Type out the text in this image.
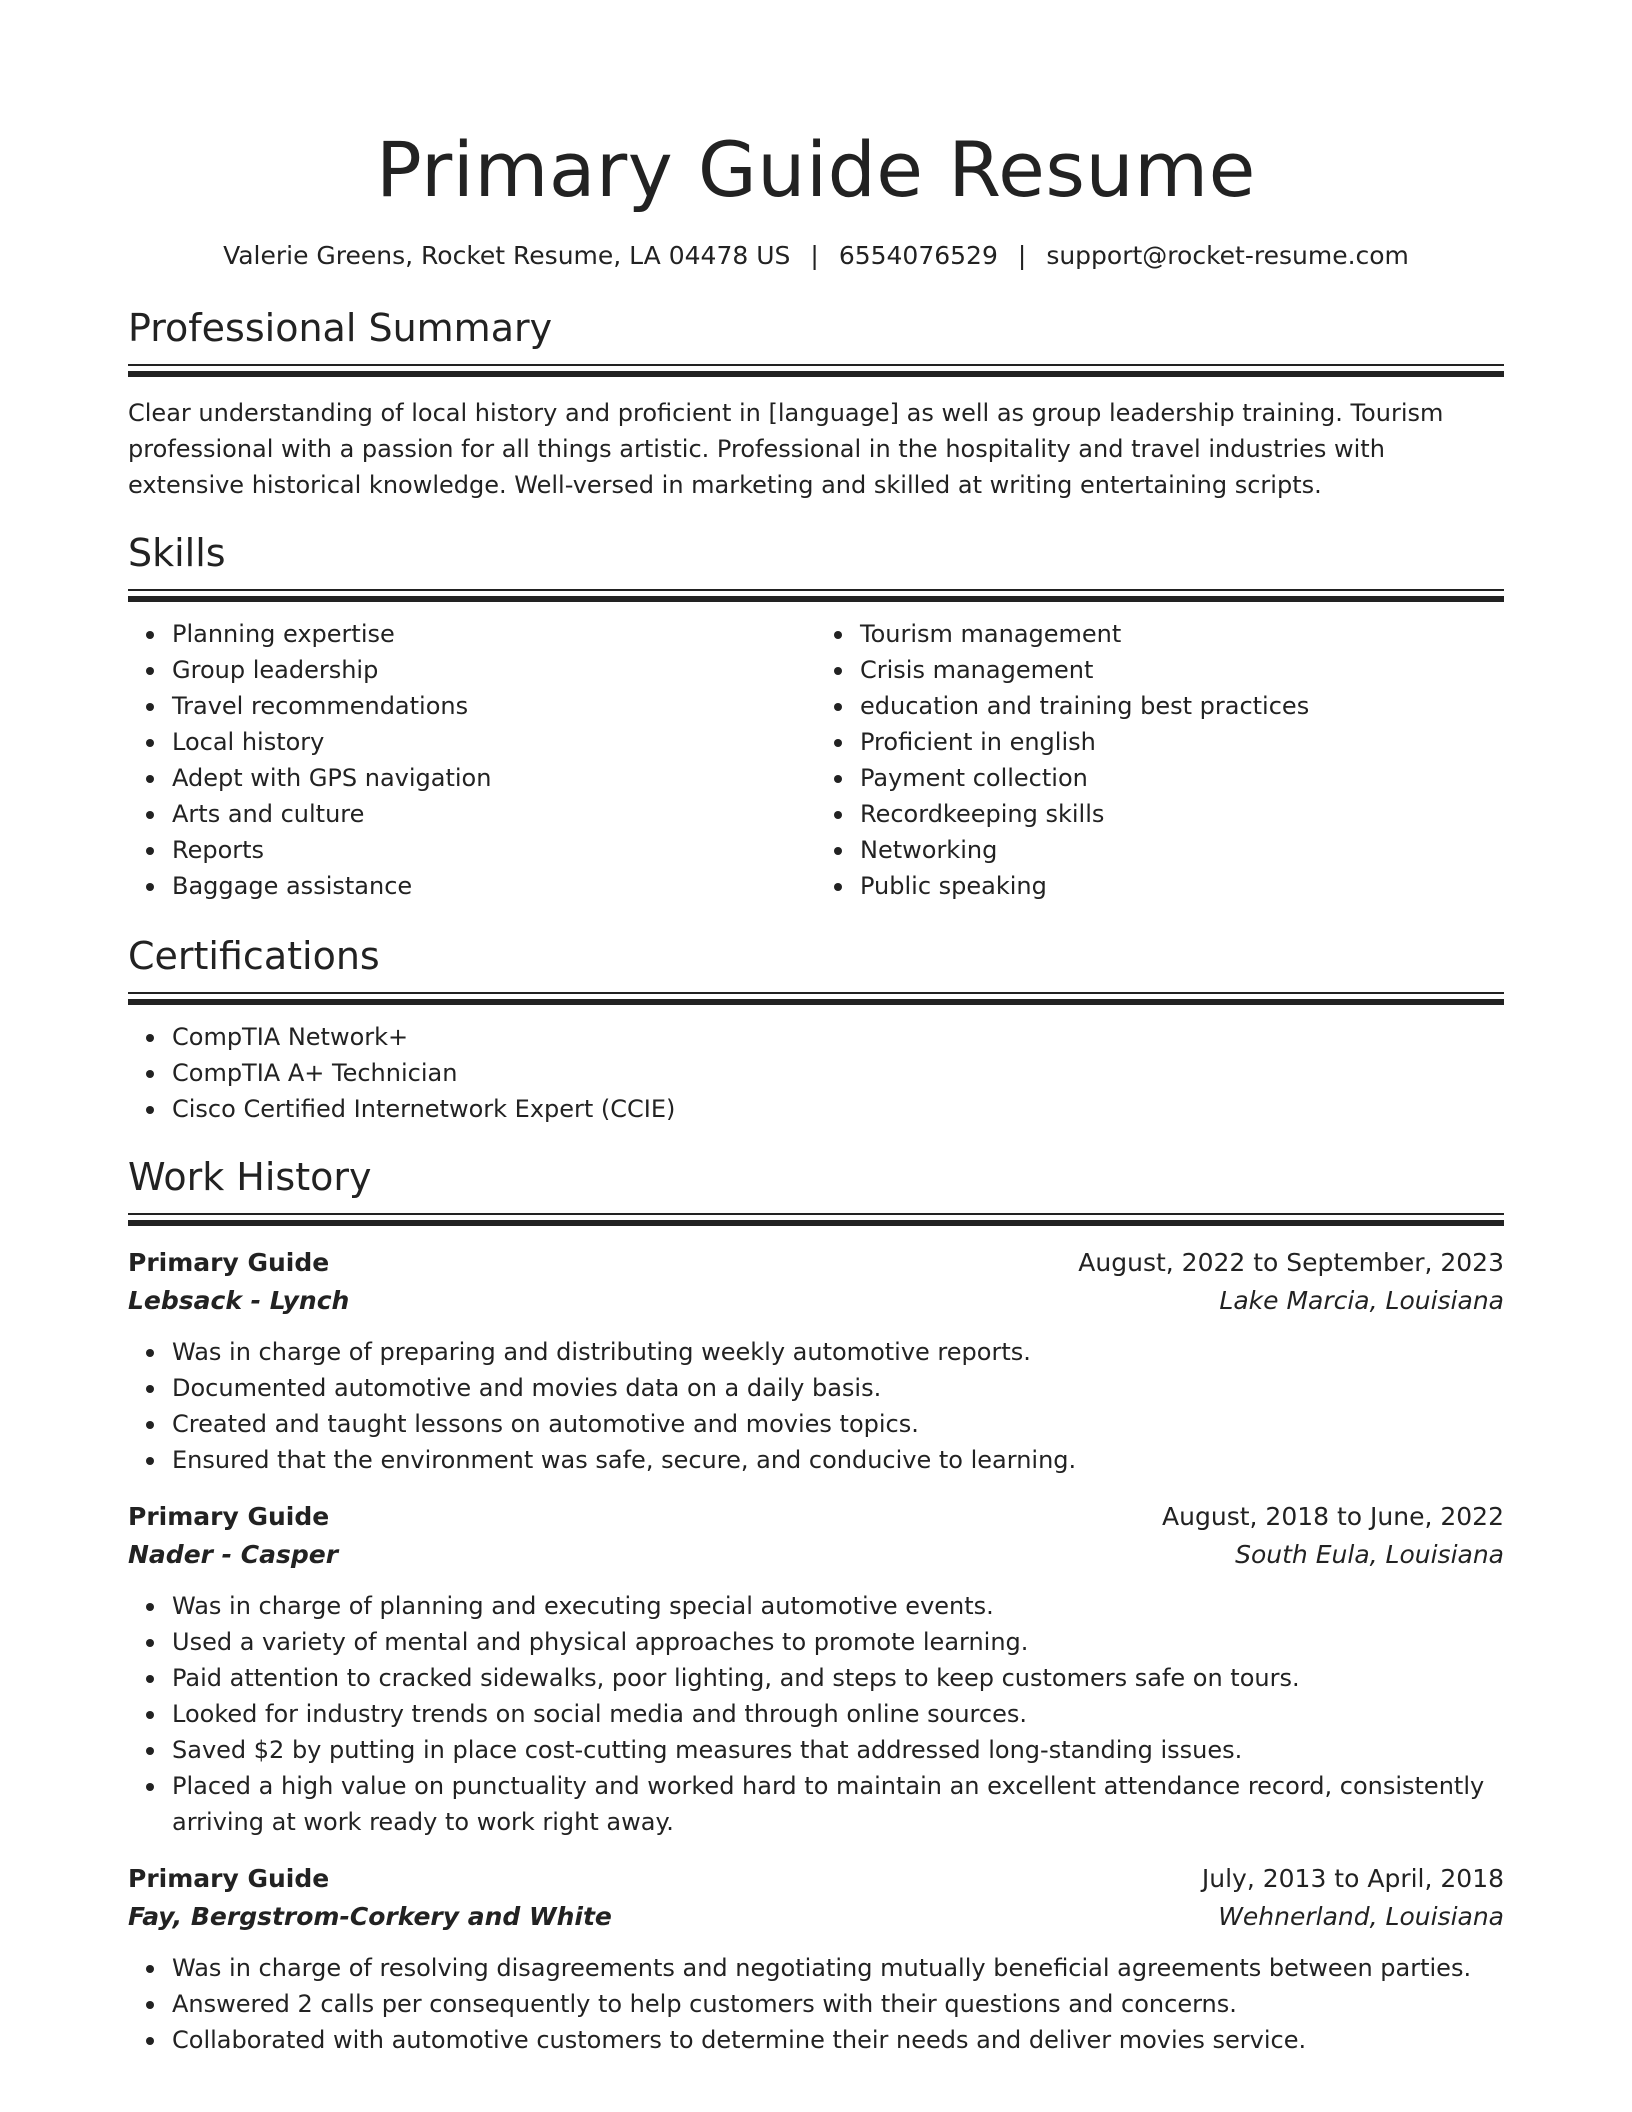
Primary Guide Resume
Valerie Greens, Rocket Resume, LA 04478 US | 6554076529 | support@rocket-resume.com
Professional Summary
Clear understanding of local history and proficient in [language] as well as group leadership training. Tourism professional with a passion for all things artistic. Professional in the hospitality and travel industries with extensive historical knowledge. Well-versed in marketing and skilled at writing entertaining scripts.
Skills
Planning expertise
Group leadership
Travel recommendations
Local history
Adept with GPS navigation
Arts and culture
Reports
Baggage assistance
Tourism management
Crisis management
education and training best practices
Proficient in english
Payment collection
Recordkeeping skills
Networking
Public speaking
Certifications
CompTIA Network+
CompTIA A+ Technician
Cisco Certified Internetwork Expert (CCIE)
Work History
Primary Guide	August, 2022 to September, 2023
Lebsack - Lynch	Lake Marcia, Louisiana
Was in charge of preparing and distributing weekly automotive reports.
Documented automotive and movies data on a daily basis.
Created and taught lessons on automotive and movies topics.
Ensured that the environment was safe, secure, and conducive to learning.
Primary Guide	August, 2018 to June, 2022
Nader - Casper	South Eula, Louisiana
Was in charge of planning and executing special automotive events.
Used a variety of mental and physical approaches to promote learning.
Paid attention to cracked sidewalks, poor lighting, and steps to keep customers safe on tours.
Looked for industry trends on social media and through online sources.
Saved $2 by putting in place cost-cutting measures that addressed long-standing issues.
Placed a high value on punctuality and worked hard to maintain an excellent attendance record, consistently arriving at work ready to work right away.
Primary Guide	July, 2013 to April, 2018
Fay, Bergstrom-Corkery and White	Wehnerland, Louisiana
Was in charge of resolving disagreements and negotiating mutually beneficial agreements between parties.
Answered 2 calls per consequently to help customers with their questions and concerns.
Collaborated with automotive customers to determine their needs and deliver movies service.
